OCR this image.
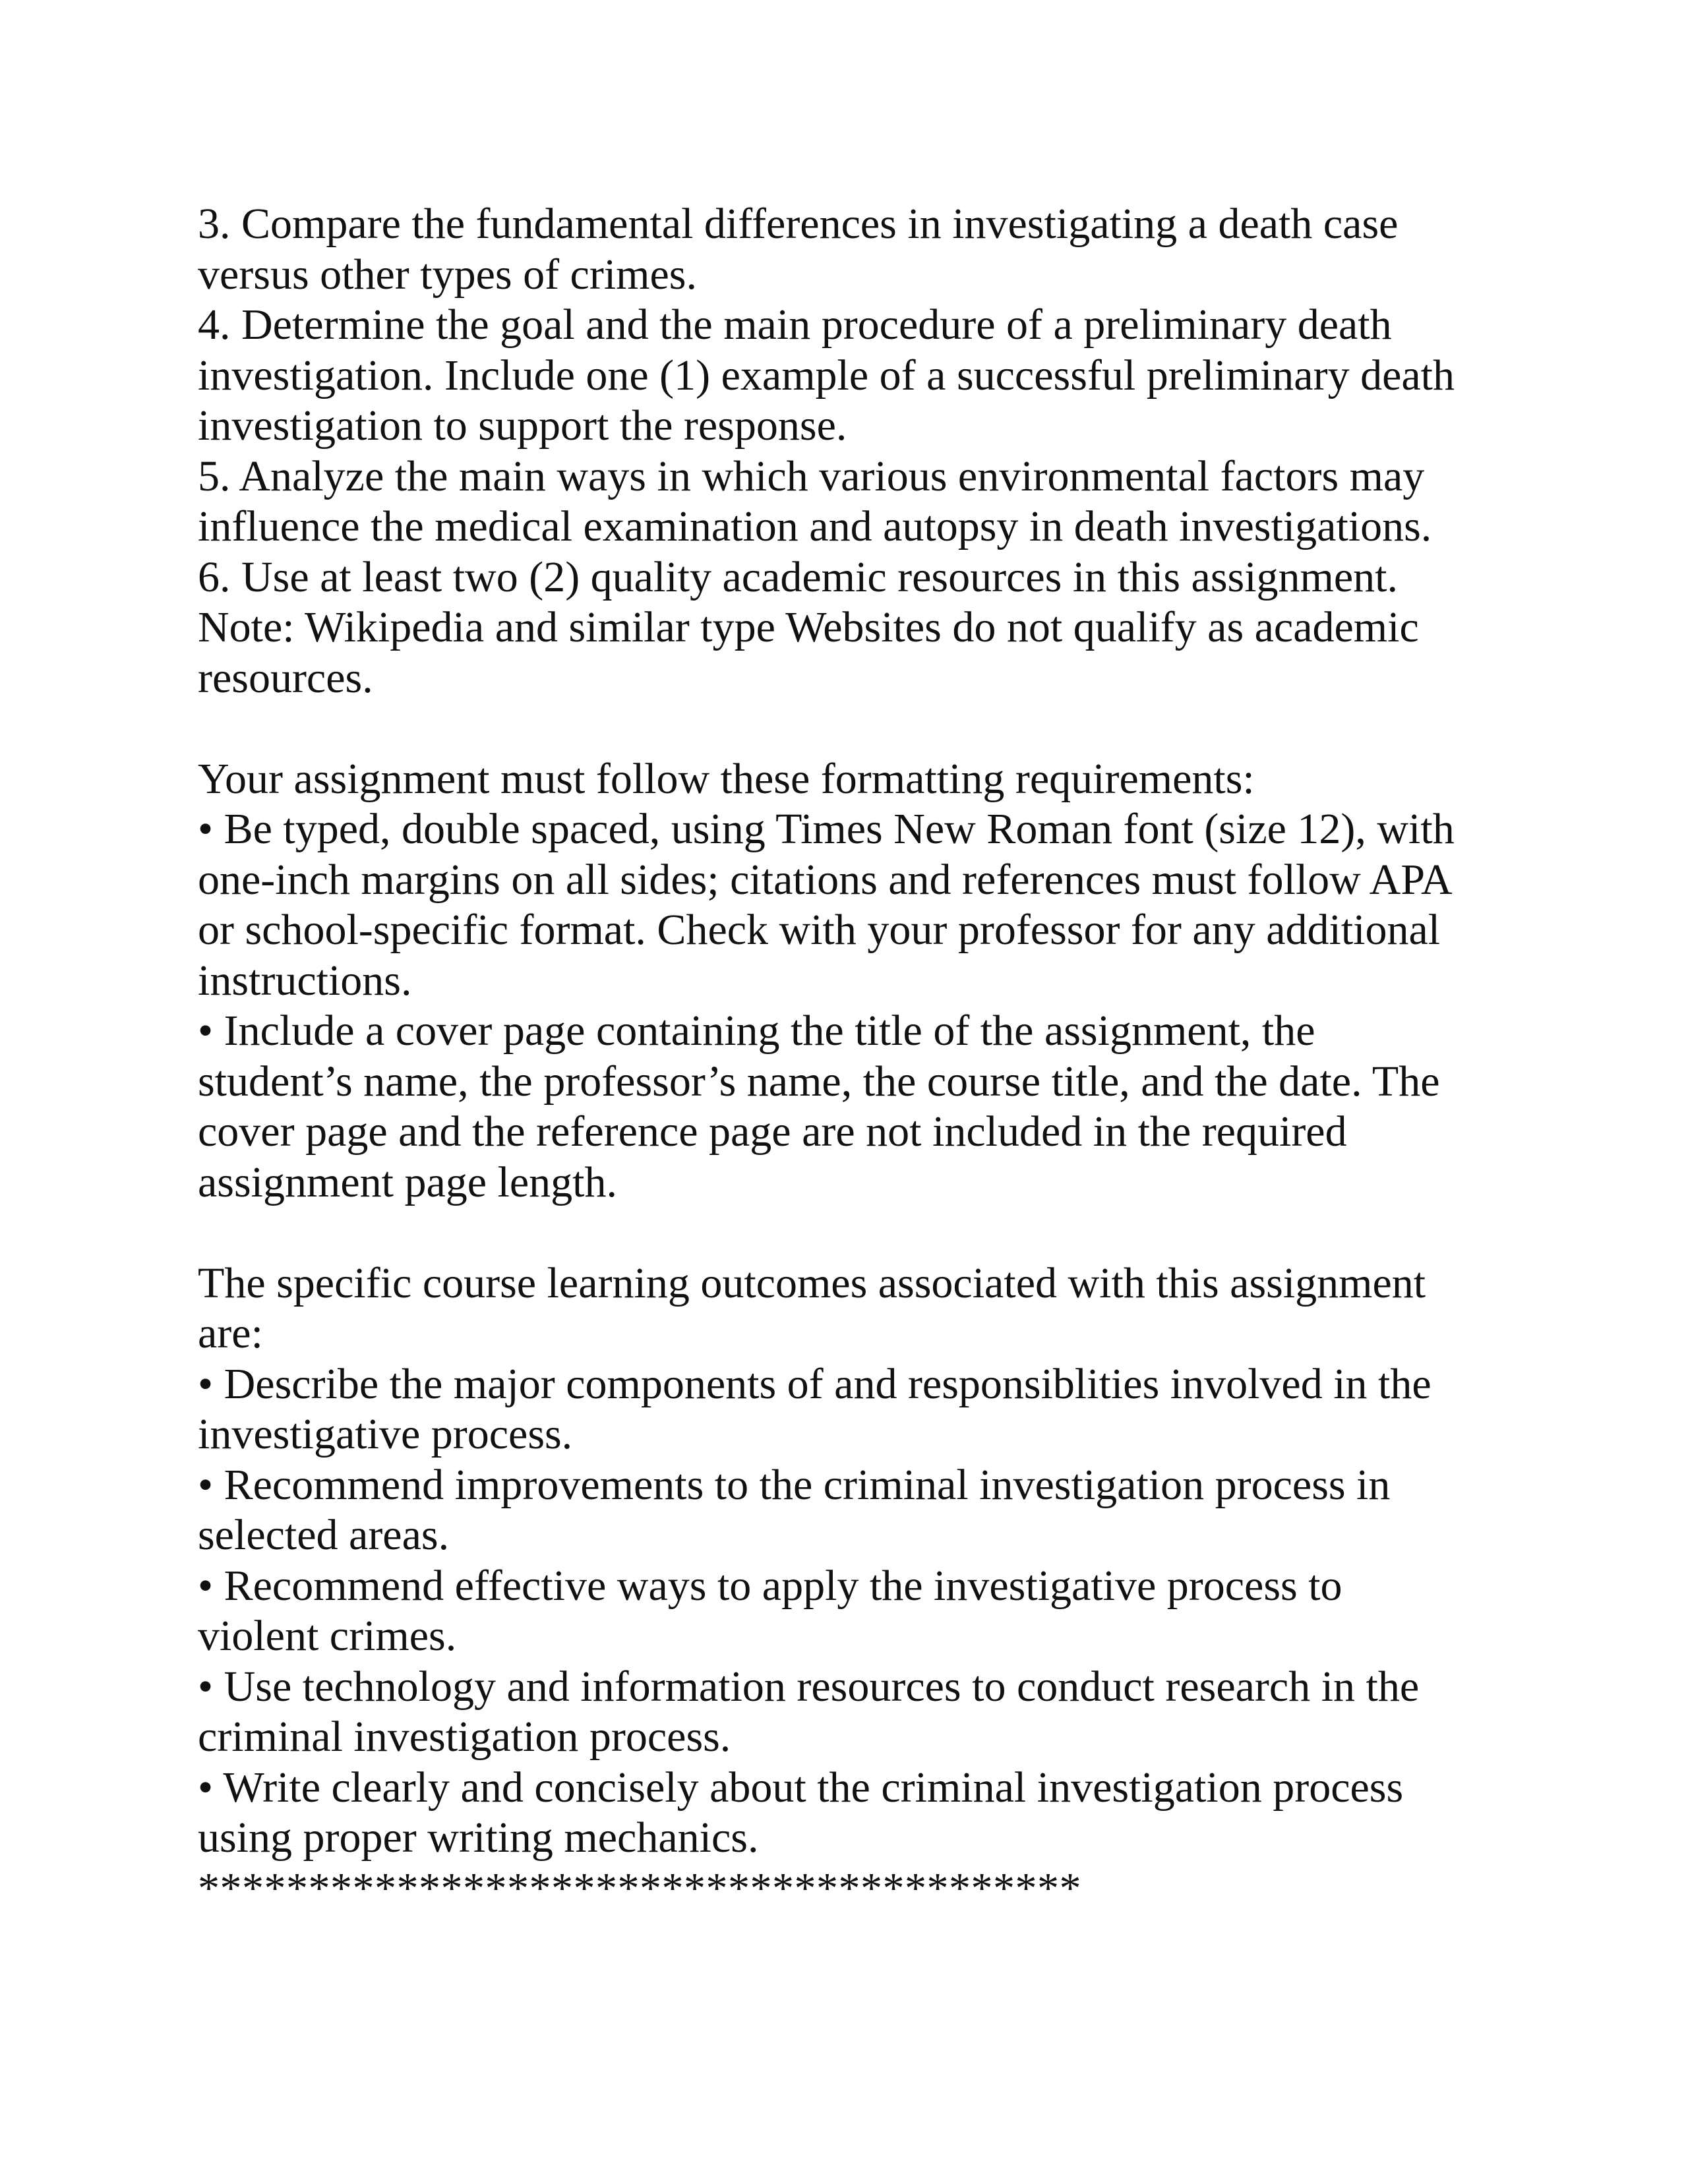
3. Compare the fundamental differences in investigating a death case
versus other types of crimes.
4. Determine the goal and the main procedure of a preliminary death
investigation. Include one (1) example of a successful preliminary death
investigation to support the response.
5. Analyze the main ways in which various environmental factors may
influence the medical examination and autopsy in death investigations.
6. Use at least two (2) quality academic resources in this assignment.
Note: Wikipedia and similar type Websites do not qualify as academic
resources.
Your assignment must follow these formatting requirements:
• Be typed, double spaced, using Times New Roman font (size 12), with
one-inch margins on all sides; citations and references must follow APA
or school-specific format. Check with your professor for any additional
instructions.
• Include a cover page containing the title of the assignment, the
student’s name, the professor’s name, the course title, and the date. The
cover page and the reference page are not included in the required
assignment page length.
The specific course learning outcomes associated with this assignment
are:
• Describe the major components of and responsiblities involved in the
investigative process.
• Recommend improvements to the criminal investigation process in
selected areas.
• Recommend effective ways to apply the investigative process to
violent crimes.
• Use technology and information resources to conduct research in the
criminal investigation process.
• Write clearly and concisely about the criminal investigation process
using proper writing mechanics.
****************************************
